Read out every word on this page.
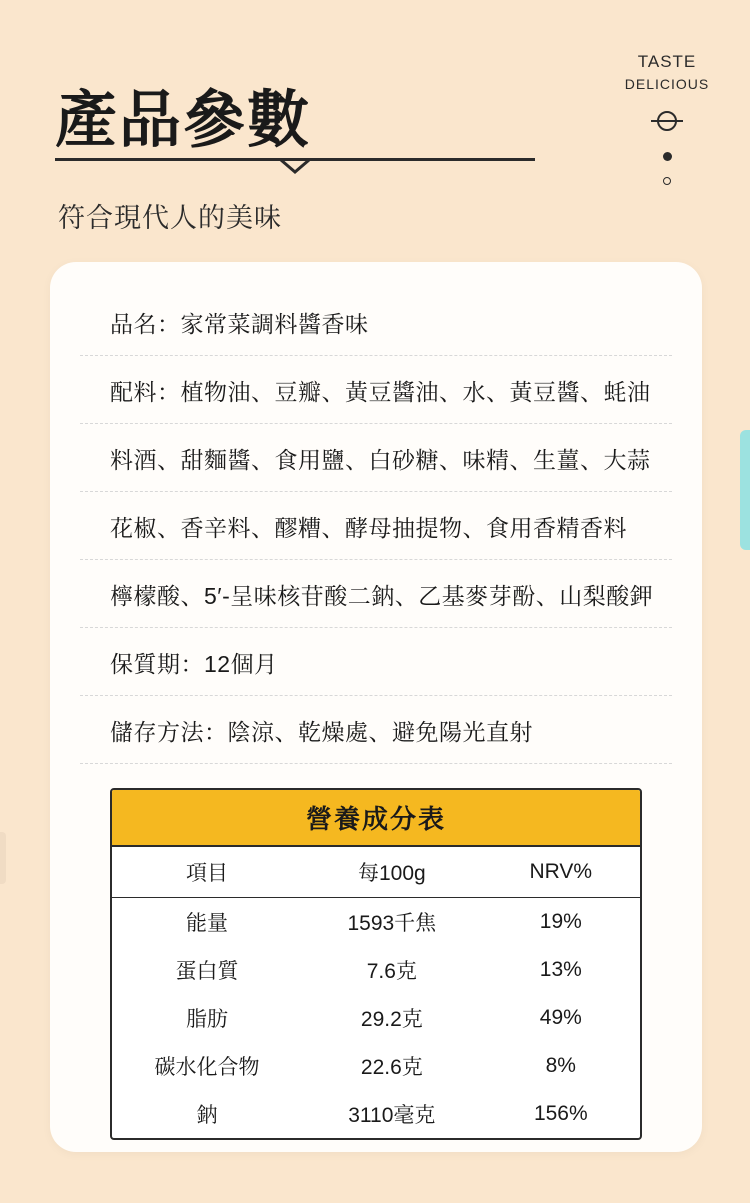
產品參數
符合現代人的美味
TASTE
DELICIOUS
品名：家常菜調料醬香味
配料：植物油、豆瓣、黃豆醬油、水、黃豆醬、蚝油
料酒、甜麵醬、食用鹽、白砂糖、味精、生薑、大蒜
花椒、香辛料、醪糟、酵母抽提物、食用香精香料
檸檬酸、5′-呈味核苷酸二鈉、乙基麥芽酚、山梨酸鉀
保質期：12個月
儲存方法：陰涼、乾燥處、避免陽光直射
營養成分表
項目	每100g	NRV%
能量	1593千焦	19%
蛋白質	7.6克	13%
脂肪	29.2克	49%
碳水化合物	22.6克	8%
鈉	3110毫克	156%
